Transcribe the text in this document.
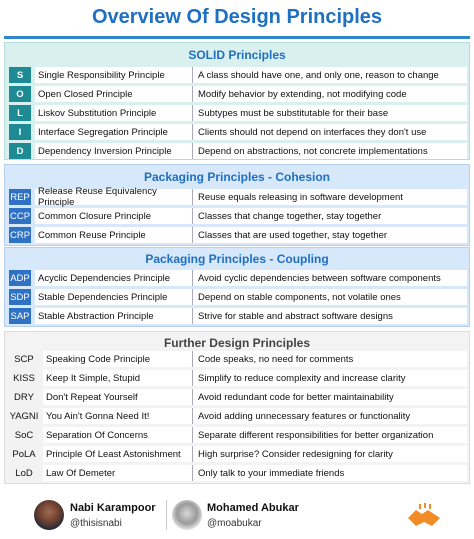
Overview Of Design Principles
SOLID Principles
S	Single Responsibility Principle	A class should have one, and only one, reason to change
O	Open Closed Principle	Modify behavior by extending, not modifying code
L	Liskov Substitution Principle	Subtypes must be substitutable for their base
I	Interface Segregation Principle	Clients should not depend on interfaces they don't use
D	Dependency Inversion Principle	Depend on abstractions, not concrete implementations
Packaging Principles - Cohesion
REP Release Reuse Equivalency Principle	Reuse equals releasing in software development
CCP Common Closure Principle	Classes that change together, stay together
CRP Common Reuse Principle	Classes that are used together, stay together
Packaging Principles - Coupling
ADP Acyclic Dependencies Principle	Avoid cyclic dependencies between software components
SDP Stable Dependencies Principle	Depend on stable components, not volatile ones
SAP Stable Abstraction Principle	Strive for stable and abstract software designs
Further Design Principles
SCP	Speaking Code Principle	Code speaks, no need for comments
KISS	Keep It Simple, Stupid	Simplify to reduce complexity and increase clarity
DRY	Don't Repeat Yourself	Avoid redundant code for better maintainability
YAGNI You Ain't Gonna Need It!	Avoid adding unnecessary features or functionality
SoC	Separation Of Concerns	Separate different responsibilities for better organization
PoLA	Principle Of Least Astonishment	High surprise? Consider redesigning for clarity
LoD	Law Of Demeter	Only talk to your immediate friends
Nabi Karampoor
@thisisnabi
Mohamed Abukar
@moabukar
